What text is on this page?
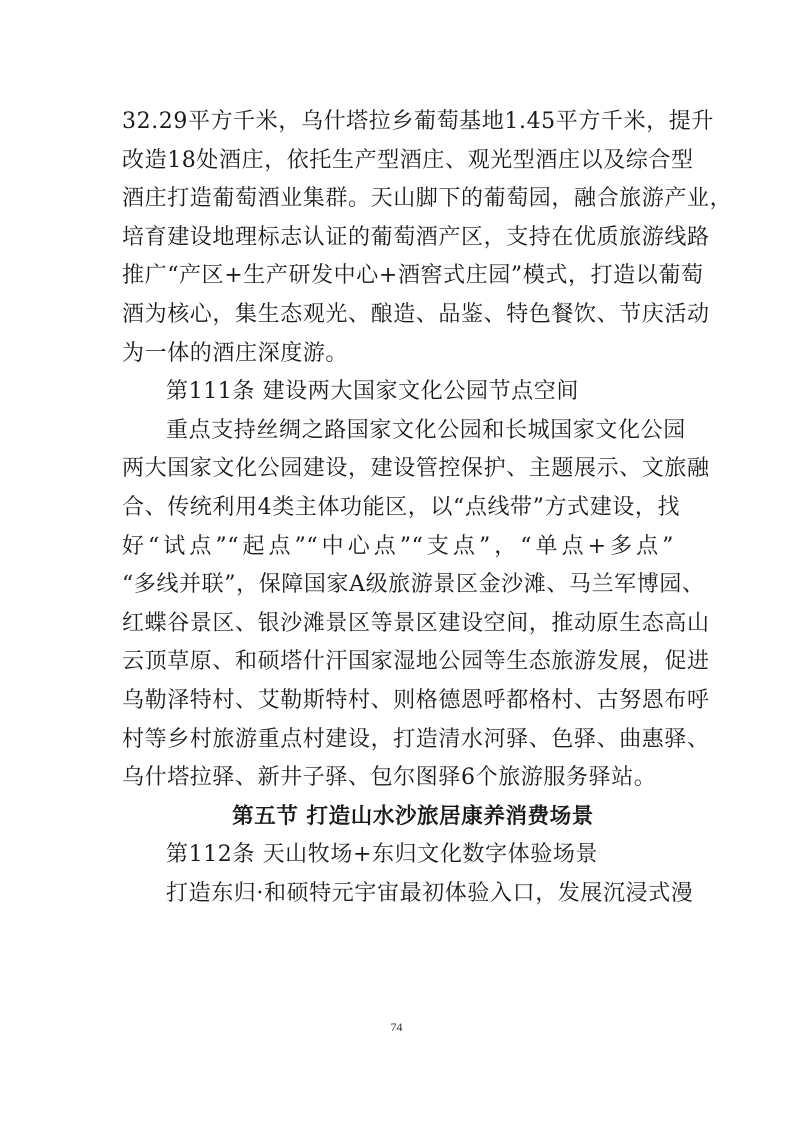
32.29平方千米，乌什塔拉乡葡萄基地1.45平方千米，提升
改造18处酒庄，依托生产型酒庄、观光型酒庄以及综合型
酒庄打造葡萄酒业集群。天山脚下的葡萄园，融合旅游产业，
培育建设地理标志认证的葡萄酒产区，支持在优质旅游线路
推广“产区+生产研发中心+酒窖式庄园”模式，打造以葡萄
酒为核心，集生态观光、酿造、品鉴、特色餐饮、节庆活动
为一体的酒庄深度游。
第111条 建设两大国家文化公园节点空间
重点支持丝绸之路国家文化公园和长城国家文化公园
两大国家文化公园建设，建设管控保护、主题展示、文旅融
合、传统利用4类主体功能区，以“点线带”方式建设，找
好“试点”“起点”“中心点”“支点”，“单点+多点”
“多线并联”，保障国家A级旅游景区金沙滩、马兰军博园、
红蝶谷景区、银沙滩景区等景区建设空间，推动原生态高山
云顶草原、和硕塔什汗国家湿地公园等生态旅游发展，促进
乌勒泽特村、艾勒斯特村、则格德恩呼都格村、古努恩布呼
村等乡村旅游重点村建设，打造清水河驿、色驿、曲惠驿、
乌什塔拉驿、新井子驿、包尔图驿6个旅游服务驿站。
第五节 打造山水沙旅居康养消费场景
第112条 天山牧场+东归文化数字体验场景
打造东归·和硕特元宇宙最初体验入口，发展沉浸式漫
74
